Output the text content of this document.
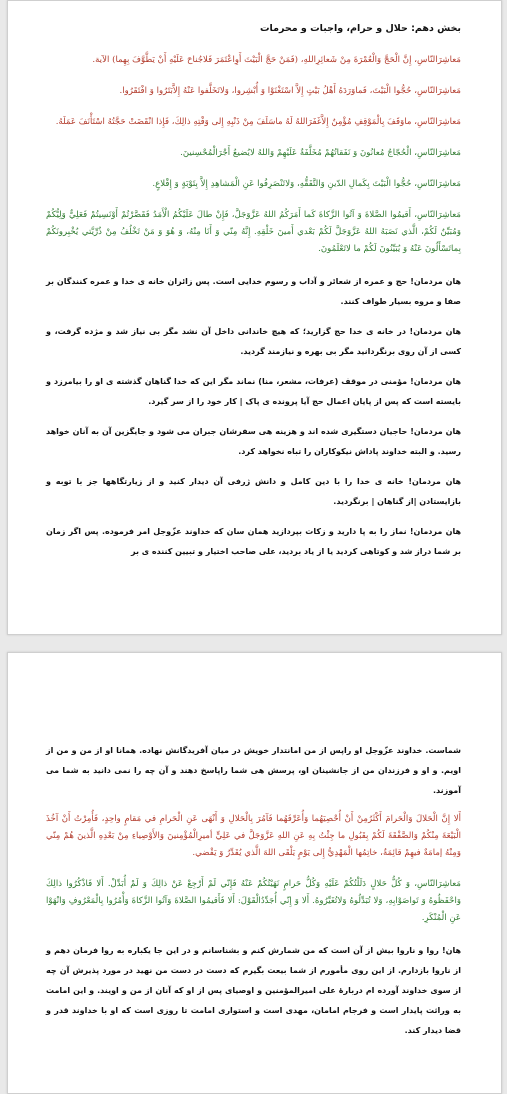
بخش دهم: حلال و حرام، واجبات و محرمات

مَعاشِرَالنّاسِ، إِنَّ الْحَجَّ وَالْعُمْرَةَ مِنْ شَعائِرِاللهِ، (فَمَنْ حَجَّ الْبَيْتَ أَوِاعْتَمَرَ فَلاجُناحَ عَلَيْهِ أَنْ يَطَّوَّفَ بِهِما) الآیة.

مَعاشِرَالنّاسِ، حُجُّوا الْبَيْتَ، فَماوَرَدَهُ أَهْلُ بَيْتٍ إِلاَّ اسْتَغْنَوْا وَ أُبْشِروا، وَلاتَخَلَّفوا عَنْهُ إِلاَّبَتَرُوا وَ افْتَقَرُوا.

مَعاشِرَالنّاسِ، ماوَقَفَ بِالْمَوْقِفِ مُؤْمِنٌ إِلاَّغَفَرَاللهُ لَهُ ماسَلَفَ مِنْ ذَنْبِهِ إِلى وَقْتِهِ ذالِكَ، فَإِذا انْقَضَتْ حَجَّتُهُ اسْتَأْنَفَ عَمَلَهُ.

مَعاشِرَالنّاسِ، الْحُجّاجُ مُعانُونَ وَ نَفَقاتُهُمْ مُخَلَّفَةٌ عَلَيْهِمْ وَاللهُ لايُضيعُ أَجْرَالْمُحْسِنينَ.

مَعاشِرَالنّاسِ، حُجُّوا الْبَيْتَ بِكَمالِ الدّينِ وَالتَّفَقُّهِ، وَلاتَنْصَرِفُوا عَنِ الْمَشاهِدِ إِلاَّ بِتَوْبَةٍ وَ إِقْلاعٍ.

مَعاشِرَالنّاسِ، أَقيمُوا الصَّلاةَ وَ آتُوا الزَّكاةَ كَما أَمَرَكُمُ اللهُ عَزَّوَجَلَّ، فَإِنْ طالَ عَلَيْكُمُ الْأَمَدُ فَقَصَّرْتُمْ أَوْنَسِيتُمْ فَعَلِيٌّ وَلِيُّكُمْ وَمُبَيِّنٌ لَكُمْ، الَّذي نَصَبَهُ اللهُ عَزَّوَجَلَّ لَكُمْ بَعْدي أَمينَ خَلْقِهِ. إِنَّهُ مِنّي وَ أَنَا مِنْهُ، وَ هُوَ وَ مَنْ تَخْلُفُ مِنْ ذُرِّيَّتي يُخْبِرونَكُمْ بِماتَسْأَلُونَ عَنْهُ وَ يُبَيِّنُونَ لَكُمْ ما لاتَعْلَمُونَ.

هان مردمان! حج و عمره از شعائر و آداب و رسوم خدایی است. پس زائران خانه ی خدا و عمره کنندگان بر صفا و مروه بسیار طواف کنند.

هان مردمان! در خانه ی خدا حج گزارید؛ که هیچ خاندانی داخل آن نشد مگر بی نیاز شد و مژده گرفت، و کسی از آن روی برنگردانید مگر بی بهره و نیازمند گردید.

هان مردمان! مؤمنی در موقف (عرفات، مشعر، منا) نماند مگر این که خدا گناهان گذشته ی او را بیامرزد و بایسته است که پس از پایان اعمال حج آیا پرونده ی پاک | کار خود را از سر گیرد.

هان مردمان! حاجیان دستگیری شده اند و هزینه هی سفرشان جبران می شود و جایگزین آن به آنان خواهد رسید. و البته خداوند پاداش نیکوکاران را تباه نخواهد کرد.

هان مردمان! خانه ی خدا را با دین کامل و دانش ژرفی آن دیدار کنید و از زیارتگاهها جز با توبه و بازایستادن |از گناهان | برنگردید.

هان مردمان! نماز را به پا دارید و زکات بپردازید همان سان که خداوند عزّوجل امر فرموده. پس اگر زمان بر شما دراز شد و کوتاهی کردید یا از یاد بردید، علی صاحب اختیار و تبیین کننده ی بر

شماست. خداوند عزّوجل او راپس از من امانتدار خویش در میان آفریدگانش نهاده. همانا او از من و من از اویم. و او و فرزندان من از جانشینان او، پرسش هی شما راپاسخ دهند و آن چه را نمی دانید به شما می آموزند.

أَلا إِنَّ الْحَلالَ وَالْحَرامَ أَكْثَرُمِنْ أَنْ أُحْصِيَهُما وَأُعَرِّفَهُما فَآمُرَ بِالْحَلالِ وَ أَنْهَى عَنِ الْحَرامِ في مَقامٍ واحِدٍ، فَأُمِرْتُ أَنْ آخُذَ الْبَيْعَةَ مِنْكُمْ وَالصَّفْقَةَ لَكُمْ بِقَبُولِ ما جِئْتُ بِهِ عَنِ اللهِ عَزَّوَجَلَّ في عَلِيٍّ أميرِالْمُؤْمِنينَ وَالأَوْصِياءِ مِنْ بَعْدِهِ الَّذينَ هُمْ مِنّي وَمِنْهُ إمامَةٌ فيهِمْ قائِمَةٌ، خاتِمُها الْمَهْدِيُّ إِلى يَوْمٍ يَلْقَى اللهَ الَّذي يُقَدِّرُ وَ يَقْضي.

مَعاشِرَالنّاسِ، وَ كُلُّ حَلالٍ دَلَلْتُكُمْ عَلَيْهِ وَكُلُّ حَرامٍ نَهَيْتُكُمْ عَنْهُ فَإِنّي لَمْ أَرْجِعْ عَنْ ذالِكَ وَ لَمْ أُبَدِّلْ. أَلا فَاذْكُرُوا ذالِكَ وَاحْفَظُوهُ وَ تَواصَوْابِهِ، وَلا تُبَدِّلُوهُ وَلاتُغَيِّرُوهُ. أَلا وَ إِنّي أُجَدِّدُالْقَوْلَ: أَلا فَأَقيمُوا الصَّلاةَ وَآتُوا الزَّكاةَ وَأْمُرُوا بِالْمَعْرُوفِ وَانْهَوْا عَنِ الْمُنْكَرِ.

هان! روا و ناروا بیش از آن است که من شمارش کنم و بشناسانم و در این جا یکباره به روا فرمان دهم و از ناروا بازدارم. از این روی مأمورم از شما بیعت بگیرم که دست در دست من نهید در مورد پذیرش آن چه از سوی خداوند آورده ام دربارهٔ علی امیرالمؤمنین و اوصیای پس از او که آنان از من و اویند. و این امامت به وراثت پایدار است و فرجام امامان، مهدی است و استواری امامت تا روزی است که او با خداوند قدر و قضا دیدار کند.
